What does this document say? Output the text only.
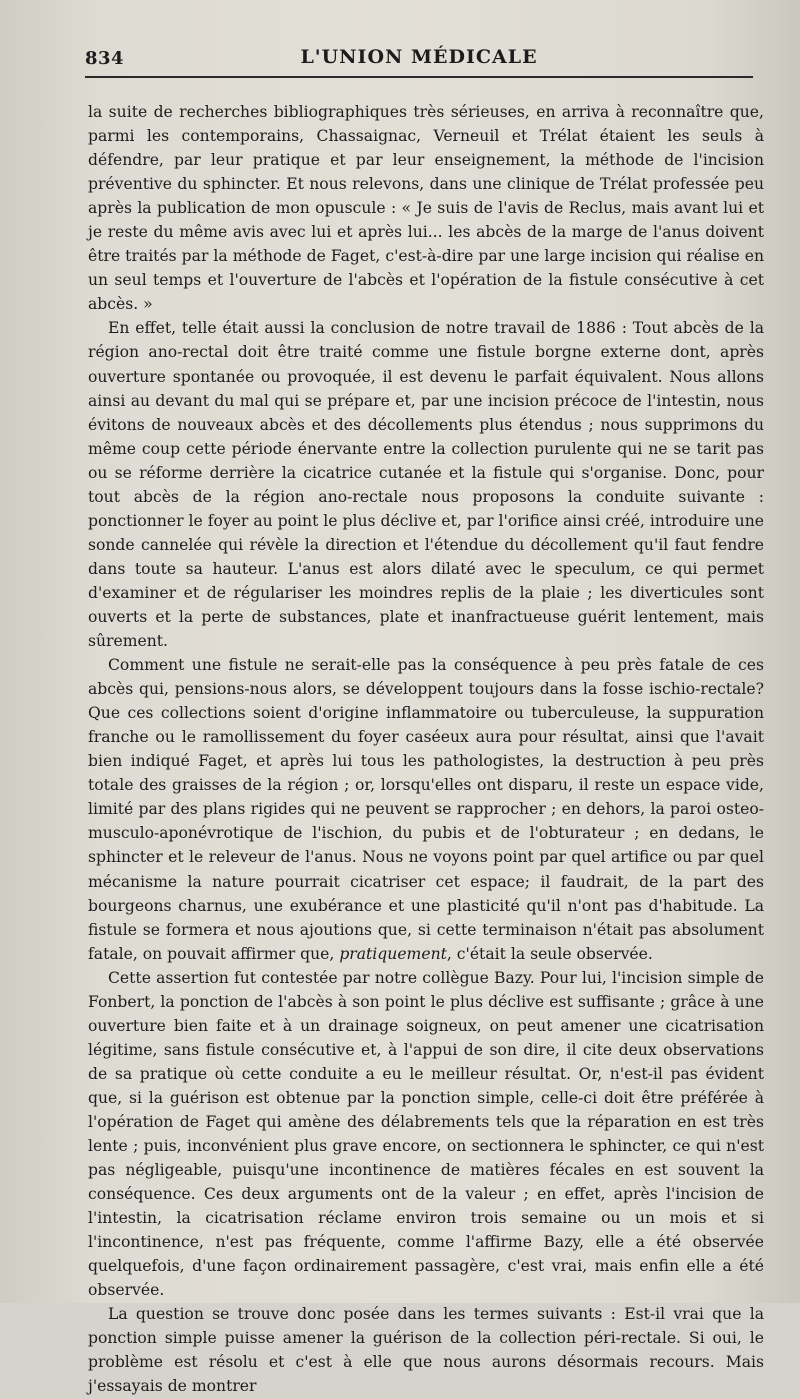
834	L'UNION MÉDICALE

la suite de recherches bibliographiques très sérieuses, en arriva à reconnaître que, parmi les contemporains, Chassaignac, Verneuil et Trélat étaient les seuls à défendre, par leur pratique et par leur enseignement, la méthode de l'incision préventive du sphincter. Et nous relevons, dans une clinique de Trélat professée peu après la publication de mon opuscule : « Je suis de l'avis de Reclus, mais avant lui et je reste du même avis avec lui et après lui... les abcès de la marge de l'anus doivent être traités par la méthode de Faget, c'est-à-dire par une large incision qui réalise en un seul temps et l'ouverture de l'abcès et l'opération de la fistule consécutive à cet abcès. »

En effet, telle était aussi la conclusion de notre travail de 1886 : Tout abcès de la région ano-rectal doit être traité comme une fistule borgne externe dont, après ouverture spontanée ou provoquée, il est devenu le parfait équivalent. Nous allons ainsi au devant du mal qui se prépare et, par une incision précoce de l'intestin, nous évitons de nouveaux abcès et des décollements plus étendus ; nous supprimons du même coup cette période énervante entre la collection purulente qui ne se tarit pas ou se réforme derrière la cicatrice cutanée et la fistule qui s'organise. Donc, pour tout abcès de la région ano-rectale nous proposons la conduite suivante : ponctionner le foyer au point le plus déclive et, par l'orifice ainsi créé, introduire une sonde cannelée qui révèle la direction et l'étendue du décollement qu'il faut fendre dans toute sa hauteur. L'anus est alors dilaté avec le speculum, ce qui permet d'examiner et de régulariser les moindres replis de la plaie ; les diverticules sont ouverts et la perte de substances, plate et inanfractueuse guérit lentement, mais sûrement.

Comment une fistule ne serait-elle pas la conséquence à peu près fatale de ces abcès qui, pensions-nous alors, se développent toujours dans la fosse ischio-rectale? Que ces collections soient d'origine inflammatoire ou tuberculeuse, la suppuration franche ou le ramollissement du foyer caséeux aura pour résultat, ainsi que l'avait bien indiqué Faget, et après lui tous les pathologistes, la destruction à peu près totale des graisses de la région ; or, lorsqu'elles ont disparu, il reste un espace vide, limité par des plans rigides qui ne peuvent se rapprocher ; en dehors, la paroi osteo-musculo-aponévrotique de l'ischion, du pubis et de l'obturateur ; en dedans, le sphincter et le releveur de l'anus. Nous ne voyons point par quel artifice ou par quel mécanisme la nature pourrait cicatriser cet espace; il faudrait, de la part des bourgeons charnus, une exubérance et une plasticité qu'il n'ont pas d'habitude. La fistule se formera et nous ajoutions que, si cette terminaison n'était pas absolument fatale, on pouvait affirmer que, pratiquement, c'était la seule observée.

Cette assertion fut contestée par notre collègue Bazy. Pour lui, l'incision simple de Fonbert, la ponction de l'abcès à son point le plus déclive est suffisante ; grâce à une ouverture bien faite et à un drainage soigneux, on peut amener une cicatrisation légitime, sans fistule consécutive et, à l'appui de son dire, il cite deux observations de sa pratique où cette conduite a eu le meilleur résultat. Or, n'est-il pas évident que, si la guérison est obtenue par la ponction simple, celle-ci doit être préférée à l'opération de Faget qui amène des délabrements tels que la réparation en est très lente ; puis, inconvénient plus grave encore, on sectionnera le sphincter, ce qui n'est pas négligeable, puisqu'une incontinence de matières fécales en est souvent la conséquence. Ces deux arguments ont de la valeur ; en effet, après l'incision de l'intestin, la cicatrisation réclame environ trois semaine ou un mois et si l'incontinence, n'est pas fréquente, comme l'affirme Bazy, elle a été observée quelquefois, d'une façon ordinairement passagère, c'est vrai, mais enfin elle a été observée.

La question se trouve donc posée dans les termes suivants : Est-il vrai que la ponction simple puisse amener la guérison de la collection péri-rectale. Si oui, le problème est résolu et c'est à elle que nous aurons désormais recours. Mais j'essayais de montrer
